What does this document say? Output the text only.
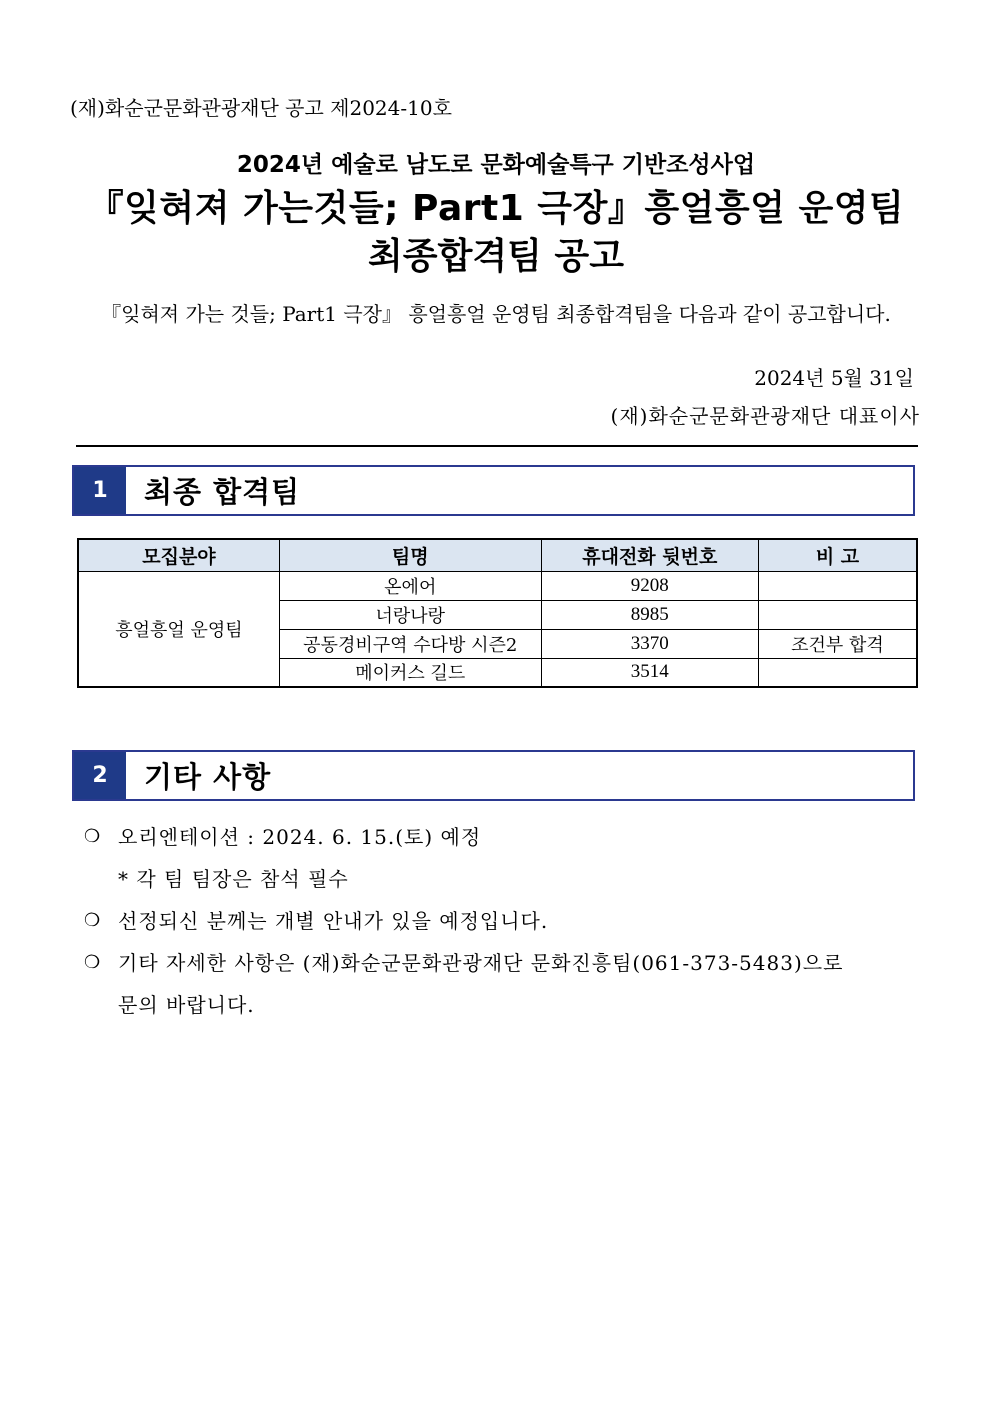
(재)화순군문화관광재단 공고 제2024-10호
2024년 예술로 남도로 문화예술특구 기반조성사업
『잊혀져 가는것들; Part1 극장』흥얼흥얼 운영팀
최종합격팀 공고
『잊혀져 가는 것들; Part1 극장』 흥얼흥얼 운영팀 최종합격팀을 다음과 같이 공고합니다.
2024년 5월 31일
(재)화순군문화관광재단 대표이사
1	최종 합격팀
모집분야	팀명	휴대전화 뒷번호	비 고
흥얼흥얼 운영팀	온에어	9208	
	너랑나랑	8985	
	공동경비구역 수다방 시즌2	3370	조건부 합격
	메이커스 길드	3514	
2	기타 사항
❍ 오리엔테이션 : 2024. 6. 15.(토) 예정
* 각 팀 팀장은 참석 필수
❍ 선정되신 분께는 개별 안내가 있을 예정입니다.
❍ 기타 자세한 사항은 (재)화순군문화관광재단 문화진흥팀(061-373-5483)으로
문의 바랍니다.
